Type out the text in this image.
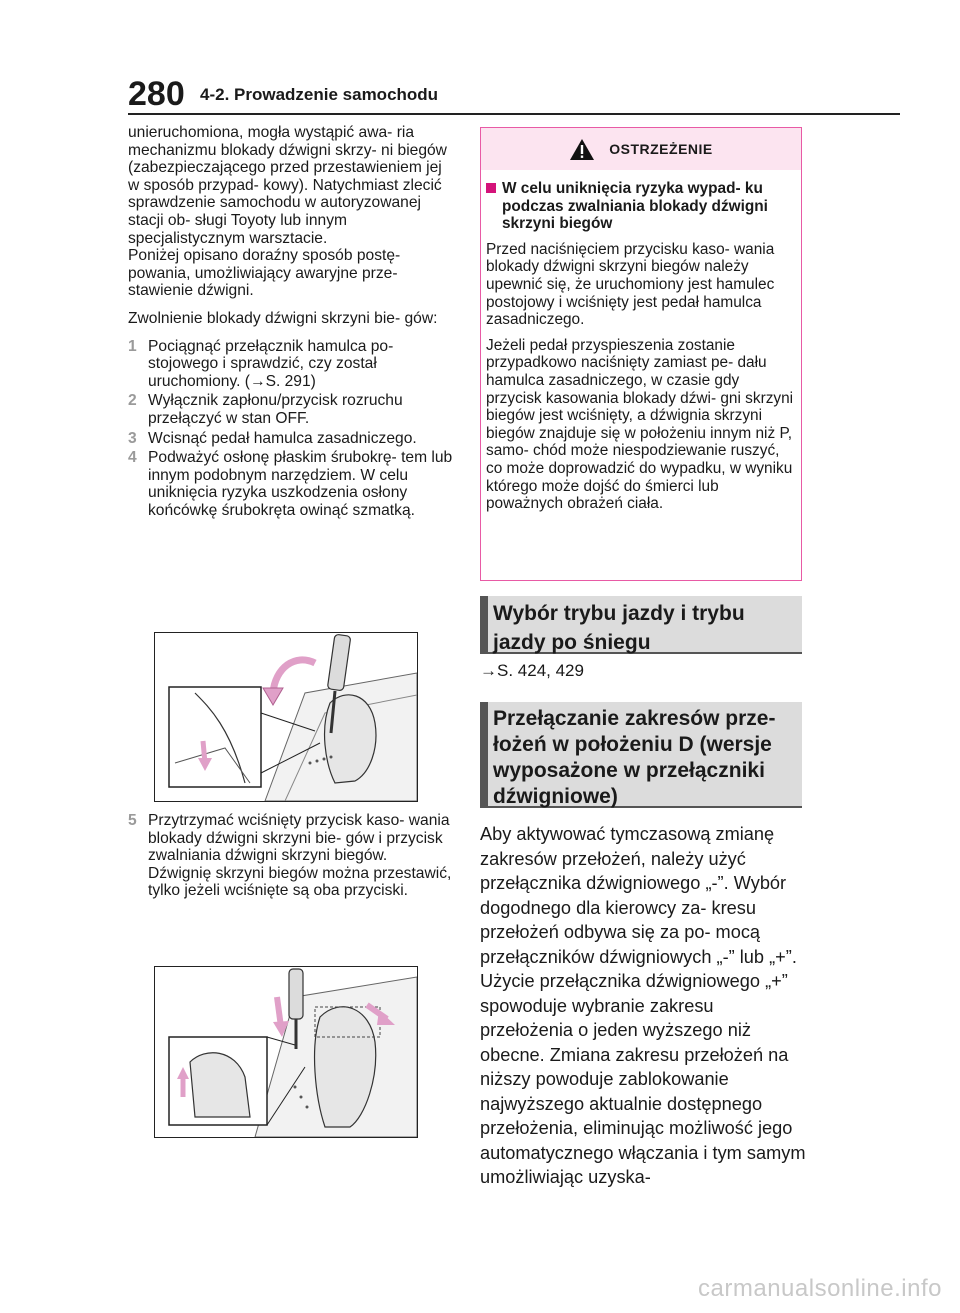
280 4-2. Prowadzenie samochodu

unieruchomiona, mogła wystąpić awa- ria mechanizmu blokady dźwigni skrzy- ni biegów (zabezpieczającego przed przestawieniem jej w sposób przypad- kowy). Natychmiast zlecić sprawdzenie samochodu w autoryzowanej stacji ob- sługi Toyoty lub innym specjalistycznym warsztacie.

Poniżej opisano doraźny sposób postę- powania, umożliwiający awaryjne prze- stawienie dźwigni.

Zwolnienie blokady dźwigni skrzyni bie- gów:

1 Pociągnąć przełącznik hamulca po- stojowego i sprawdzić, czy został uruchomiony. (→S. 291)
2 Wyłącznik zapłonu/przycisk rozruchu przełączyć w stan OFF.
3 Wcisnąć pedał hamulca zasadniczego.
4 Podważyć osłonę płaskim śrubokrę- tem lub innym podobnym narzędziem. W celu uniknięcia ryzyka uszkodzenia osłony końcówkę śrubokręta owinąć szmatką.
5 Przytrzymać wciśnięty przycisk kaso- wania blokady dźwigni skrzyni bie- gów i przycisk zwalniania dźwigni skrzyni biegów. Dźwignię skrzyni biegów można przestawić, tylko jeżeli wciśnięte są oba przyciski.
OSTRZEŻENIE
W celu uniknięcia ryzyka wypad- ku podczas zwalniania blokady dźwigni skrzyni biegów

Przed naciśnięciem przycisku kaso- wania blokady dźwigni skrzyni biegów należy upewnić się, że uruchomiony jest hamulec postojowy i wciśnięty jest pedał hamulca zasadniczego.

Jeżeli pedał przyspieszenia zostanie przypadkowo naciśnięty zamiast pe- dału hamulca zasadniczego, w czasie gdy przycisk kasowania blokady dźwi- gni skrzyni biegów jest wciśnięty, a dźwignia skrzyni biegów znajduje się w położeniu innym niż P, samo- chód może niespodziewanie ruszyć, co może doprowadzić do wypadku, w wyniku którego może dojść do śmierci lub poważnych obrażeń ciała.

Wybór trybu jazdy i trybu jazdy po śniegu
→S. 424, 429
Przełączanie zakresów prze- łożeń w położeniu D (wersje wyposażone w przełączniki dźwigniowe)

Aby aktywować tymczasową zmianę zakresów przełożeń, należy użyć przełącznika dźwigniowego „-”. Wybór dogodnego dla kierowcy za- kresu przełożeń odbywa się za po- mocą przełączników dźwigniowych „-” lub „+”. Użycie przełącznika dźwigniowego „+” spowoduje wybranie zakresu przełożenia o jeden wyższego niż obecne. Zmiana zakresu przełożeń na niższy powoduje zablokowanie najwyższego aktualnie dostępnego przełożenia, eliminując możliwość jego automatycznego włączania i tym samym umożliwiając uzyska-

carmanualsonline.info
